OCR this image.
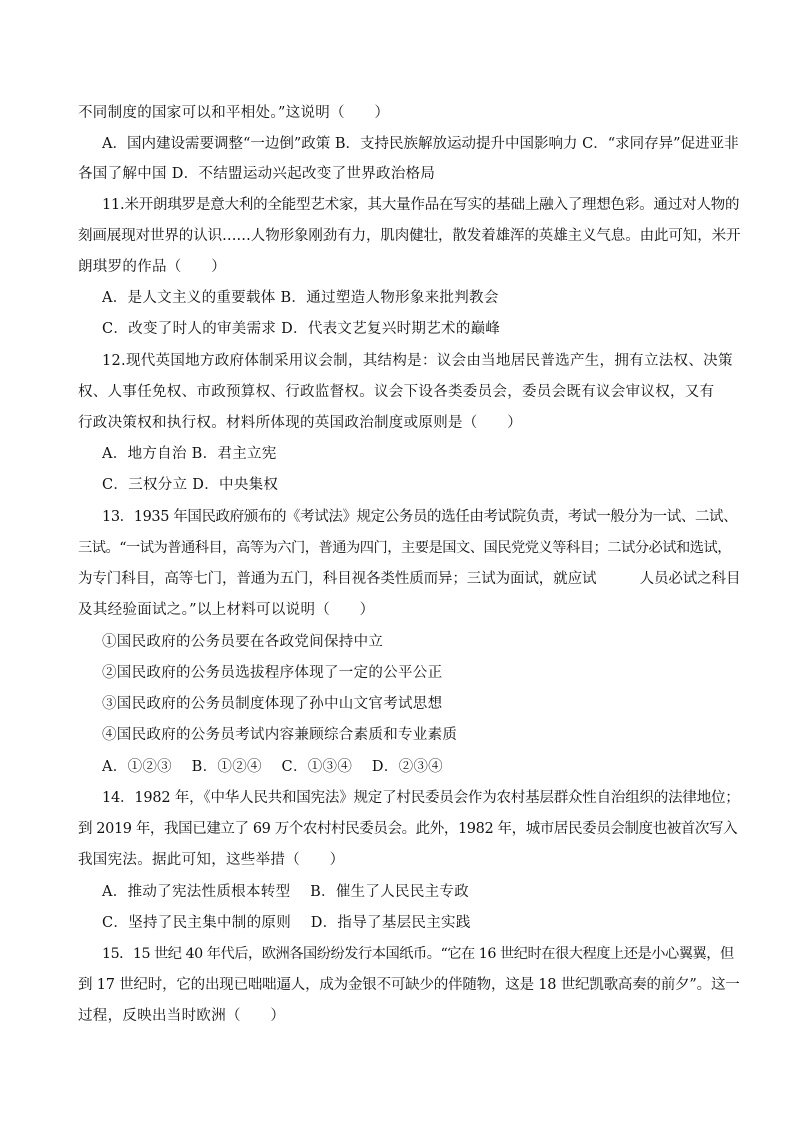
不同制度的国家可以和平相处。”这说明（　　）
A．国内建设需要调整“一边倒”政策 B．支持民族解放运动提升中国影响力 C．“求同存异”促进亚非
各国了解中国 D．不结盟运动兴起改变了世界政治格局
11.米开朗琪罗是意大利的全能型艺术家，其大量作品在写实的基础上融入了理想色彩。通过对人物的
刻画展现对世界的认识……人物形象刚劲有力，肌肉健壮，散发着雄浑的英雄主义气息。由此可知，米开
朗琪罗的作品（　　）
A．是人文主义的重要载体 B．通过塑造人物形象来批判教会
C．改变了时人的审美需求 D．代表文艺复兴时期艺术的巅峰
12.现代英国地方政府体制采用议会制，其结构是：议会由当地居民普选产生，拥有立法权、决策
权、人事任免权、市政预算权、行政监督权。议会下设各类委员会，委员会既有议会审议权，又有
行政决策权和执行权。材料所体现的英国政治制度或原则是（　　）
A．地方自治 B．君主立宪
C．三权分立 D．中央集权
13．1935 年国民政府颁布的《考试法》规定公务员的选任由考试院负责，考试一般分为一试、二试、
三试。“一试为普通科目，高等为六门，普通为四门，主要是国文、国民党党义等科目；二试分必试和选试，
为专门科目，高等七门，普通为五门，科目视各类性质而异；三试为面试，就应试　　　人员必试之科目
及其经验面试之。”以上材料可以说明（　　）
①国民政府的公务员要在各政党间保持中立
②国民政府的公务员选拔程序体现了一定的公平公正
③国民政府的公务员制度体现了孙中山文官考试思想
④国民政府的公务员考试内容兼顾综合素质和专业素质
A．①②③　 B．①②④　 C．①③④　 D．②③④
14．1982 年，《中华人民共和国宪法》规定了村民委员会作为农村基层群众性自治组织的法律地位；
到 2019 年，我国已建立了 69 万个农村村民委员会。此外，1982 年，城市居民委员会制度也被首次写入
我国宪法。据此可知，这些举措（　　）
A．推动了宪法性质根本转型　 B．催生了人民民主专政
C．坚持了民主集中制的原则　 D．指导了基层民主实践
15．15 世纪 40 年代后，欧洲各国纷纷发行本国纸币。“它在 16 世纪时在很大程度上还是小心翼翼，但
到 17 世纪时，它的出现已咄咄逼人，成为金银不可缺少的伴随物，这是 18 世纪凯歌高奏的前夕”。这一
过程，反映出当时欧洲（　　）
